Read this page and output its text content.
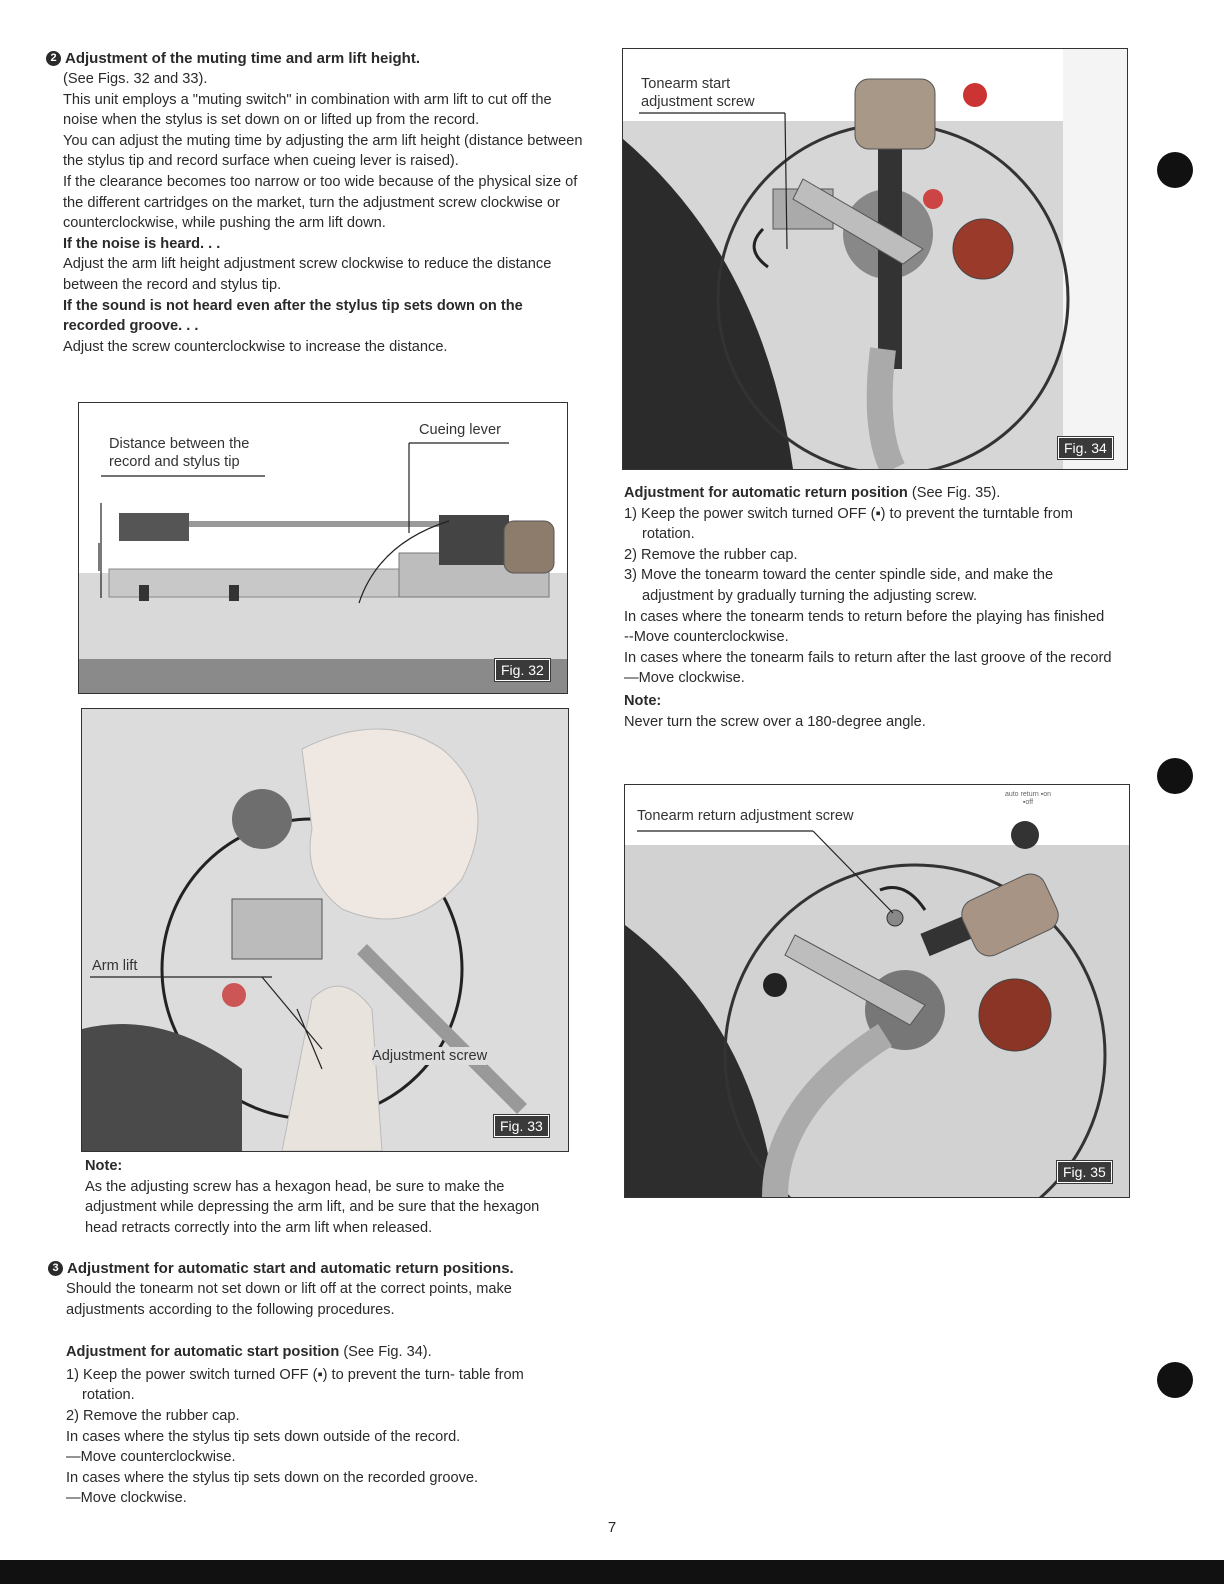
2 Adjustment of the muting time and arm lift height.

(See Figs. 32 and 33).

This unit employs a "muting switch" in combination with arm lift to cut off the noise when the stylus is set down on or lifted up from the record.

You can adjust the muting time by adjusting the arm lift height (distance between the stylus tip and record surface when cueing lever is raised).

If the clearance becomes too narrow or too wide because of the physical size of the different cartridges on the market, turn the adjustment screw clockwise or counterclockwise, while pushing the arm lift down.

If the noise is heard. . .

Adjust the arm lift height adjustment screw clockwise to reduce the distance between the record and stylus tip.

If the sound is not heard even after the stylus tip sets down on the recorded groove. . .

Adjust the screw counterclockwise to increase the distance.

Distance between the record and stylus tip
Cueing lever
Fig. 32
Arm lift
Adjustment screw
Fig. 33

Note:

As the adjusting screw has a hexagon head, be sure to make the adjustment while depressing the arm lift, and be sure that the hexagon head retracts correctly into the arm lift when released.

3 Adjustment for automatic start and automatic return positions.

Should the tonearm not set down or lift off at the correct points, make adjustments according to the following procedures.

Adjustment for automatic start position (See Fig. 34).

1) Keep the power switch turned OFF (▪) to prevent the turn- table from rotation.

2) Remove the rubber cap.

In cases where the stylus tip sets down outside of the record.

—Move counterclockwise.

In cases where the stylus tip sets down on the recorded groove.

—Move clockwise.

Tonearm start adjustment screw
Fig. 34

Adjustment for automatic return position (See Fig. 35).

1) Keep the power switch turned OFF (▪) to prevent the turntable from rotation.

2) Remove the rubber cap.

3) Move the tonearm toward the center spindle side, and make the adjustment by gradually turning the adjusting screw.

In cases where the tonearm tends to return before the playing has finished

--Move counterclockwise.

In cases where the tonearm fails to return after the last groove of the record

—Move clockwise.

Note:

Never turn the screw over a 180-degree angle.

Tonearm return adjustment screw
auto return ▪on ▪off
Fig. 35
7
